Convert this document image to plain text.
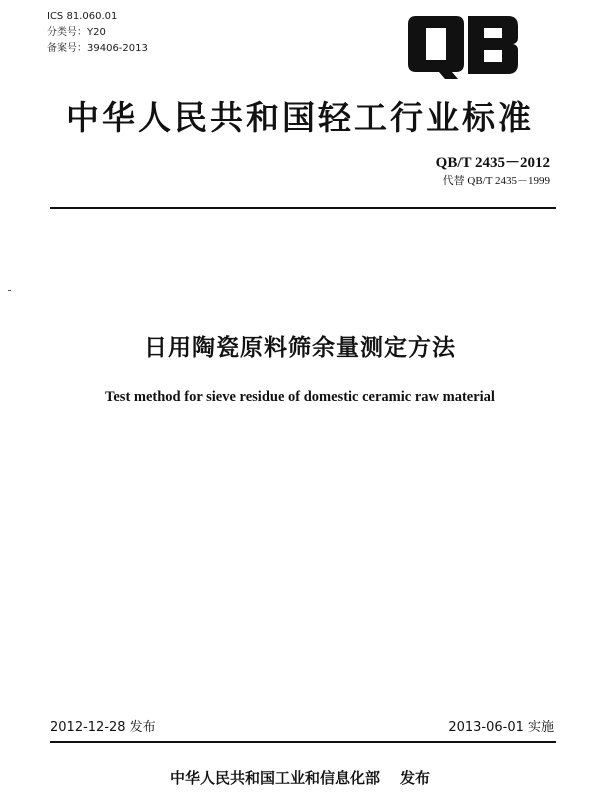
ICS 81.060.01
分类号：Y20
备案号：39406-2013
中华人民共和国轻工行业标准
QB/T 2435－2012
代替 QB/T 2435－1999
日用陶瓷原料筛余量测定方法
Test method for sieve residue of domestic ceramic raw material
2012-12-28 发布	2013-06-01 实施
中华人民共和国工业和信息化部 发布
